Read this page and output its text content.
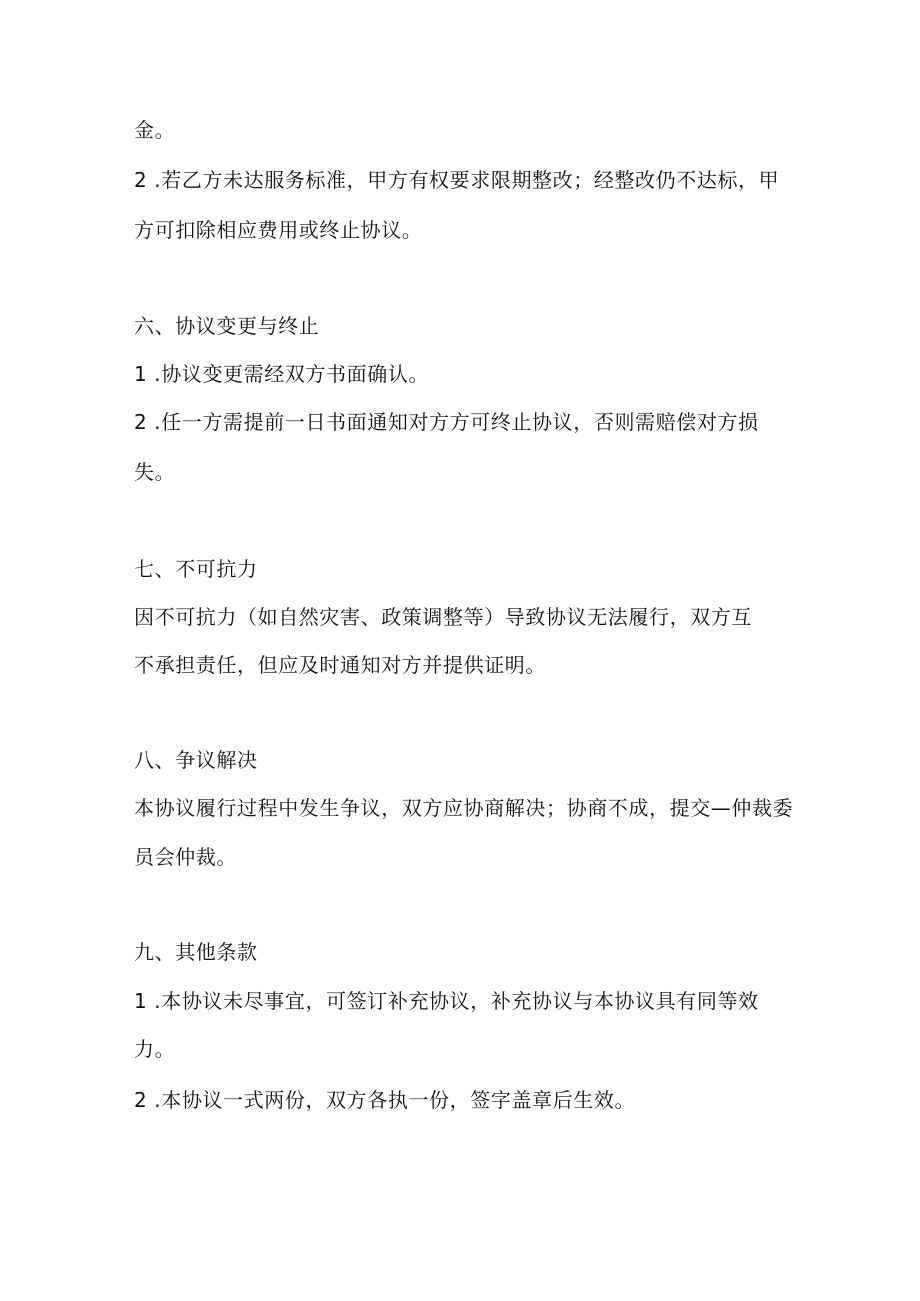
金。
2 .若乙方未达服务标准，甲方有权要求限期整改；经整改仍不达标，甲
方可扣除相应费用或终止协议。
六、协议变更与终止
1 .协议变更需经双方书面确认。
2 .任一方需提前一日书面通知对方方可终止协议，否则需赔偿对方损
失。
七、不可抗力
因不可抗力（如自然灾害、政策调整等）导致协议无法履行，双方互
不承担责任，但应及时通知对方并提供证明。
八、争议解决
本协议履行过程中发生争议，双方应协商解决；协商不成，提交—仲裁委
员会仲裁。
九、其他条款
1 .本协议未尽事宜，可签订补充协议，补充协议与本协议具有同等效
力。
2 .本协议一式两份，双方各执一份，签字盖章后生效。
